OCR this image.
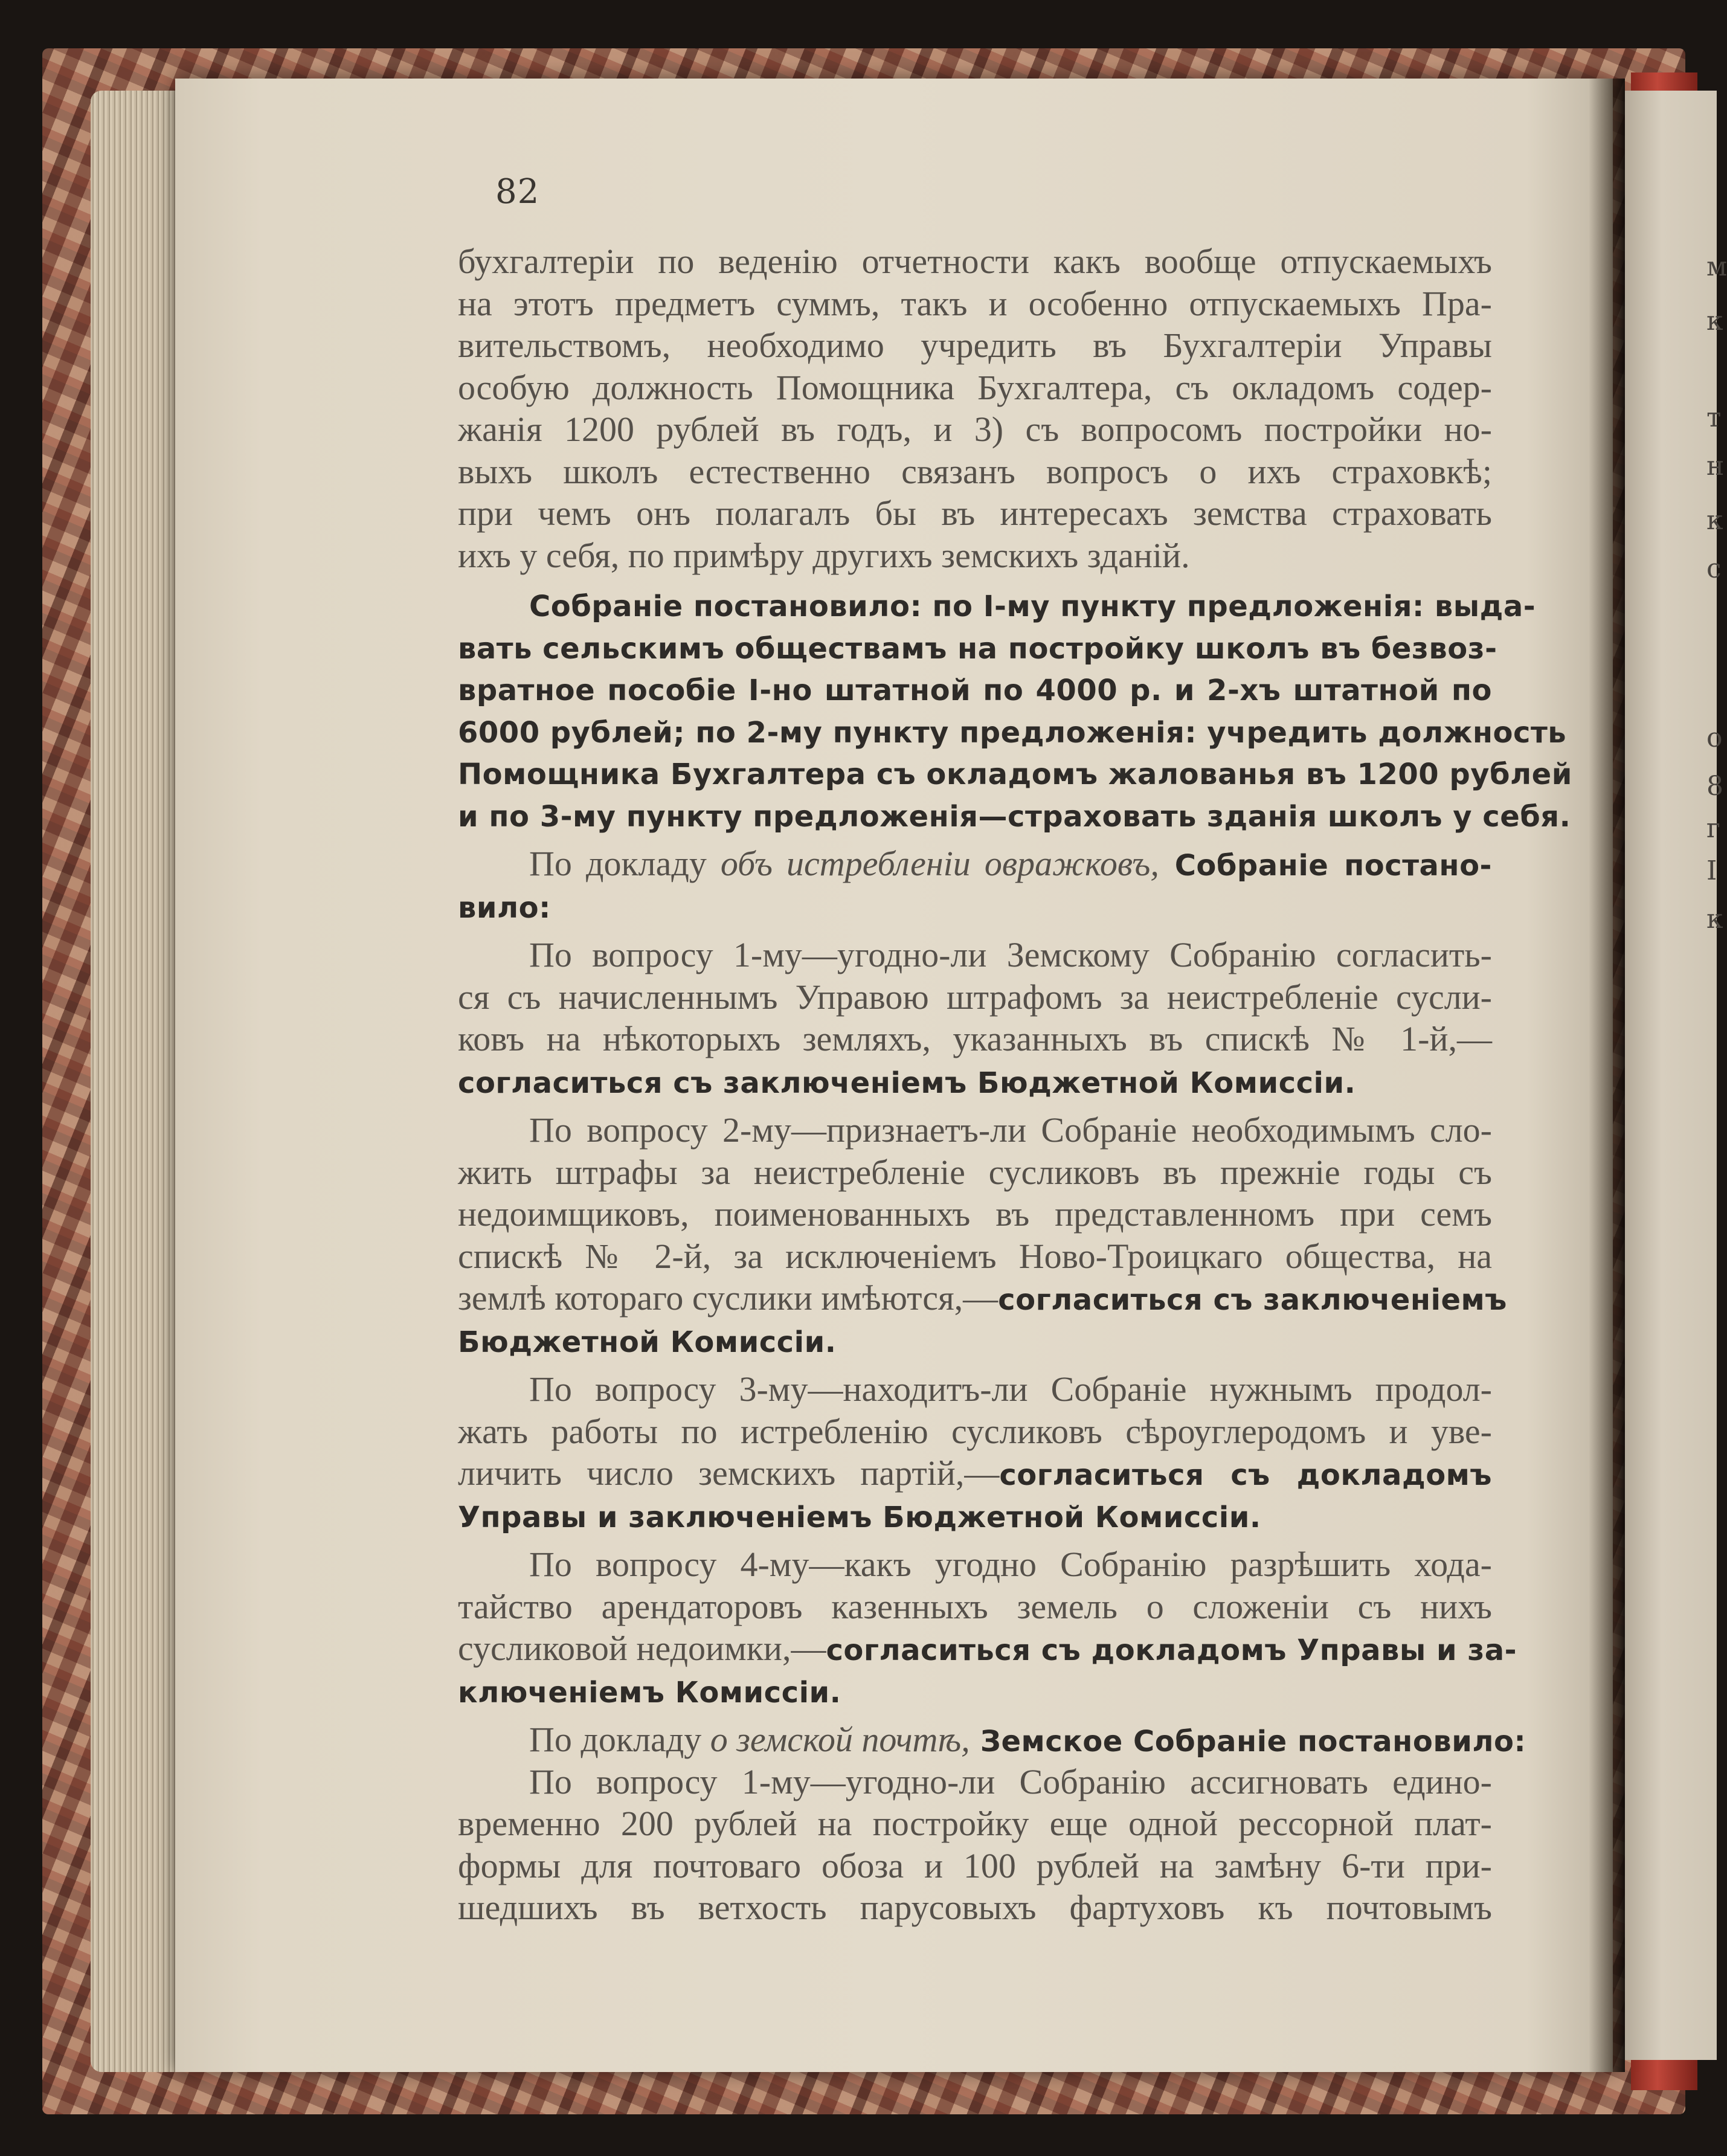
м
к
т
н
к
с
о
8
г
І
к
82
бухгалтеріи по веденію отчетности какъ вообще отпускаемыхъ
на этотъ предметъ суммъ, такъ и особенно отпускаемыхъ Пра-
вительствомъ, необходимо учредить въ Бухгалтеріи Управы
особую должность Помощника Бухгалтера, съ окладомъ содер-
жанія 1200 рублей въ годъ, и 3) съ вопросомъ постройки но-
выхъ школъ естественно связанъ вопросъ о ихъ страховкѣ;
при чемъ онъ полагалъ бы въ интересахъ земства страховать
ихъ у себя, по примѣру другихъ земскихъ зданій.
Собраніе постановило: по І-му пункту предложенія: выда-
вать сельскимъ обществамъ на постройку школъ въ безвоз-
вратное пособіе І-но штатной по 4000 р. и 2-хъ штатной по
6000 рублей; по 2-му пункту предложенія: учредить должность
Помощника Бухгалтера съ окладомъ жалованья въ 1200 рублей
и по 3-му пункту предложенія—страховать зданія школъ у себя.
По докладу объ истребленіи овражковъ, Собраніе постано-
вило:
По вопросу 1-му—угодно-ли Земскому Собранію соглаcить-
ся съ начисленнымъ Управою штрафомъ за неистребленіе сусли-
ковъ на нѣкоторыхъ земляхъ, указанныхъ въ спискѣ № 1-й,—
согласиться съ заключеніемъ Бюджетной Комиссіи.
По вопросу 2-му—признаетъ-ли Собраніе необходимымъ сло-
жить штрафы за неистребленіе сусликовъ въ прежніе годы съ
недоимщиковъ, поименованныхъ въ представленномъ при семъ
спискѣ № 2-й, за исключеніемъ Ново-Троицкаго общества, на
землѣ котораго суслики имѣются,—согласиться съ заключеніемъ
Бюджетной Комиссіи.
По вопросу 3-му—находитъ-ли Собраніе нужнымъ продол-
жать работы по истребленію сусликовъ сѣроуглеродомъ и уве-
личить число земскихъ партій,—согласиться съ докладомъ
Управы и заключеніемъ Бюджетной Комиссіи.
По вопросу 4-му—какъ угодно Собранію разрѣшить хода-
тайство арендаторовъ казенныхъ земель о сложеніи съ нихъ
сусликовой недоимки,—согласиться съ докладомъ Управы и за-
ключеніемъ Комиссіи.
По докладу о земской почтѣ, Земское Собраніе постановило:
По вопросу 1-му—угодно-ли Собранію ассигновать едино-
временно 200 рублей на постройку еще одной рессорной плат-
формы для почтоваго обоза и 100 рублей на замѣну 6-ти при-
шедшихъ въ ветхость парусовыхъ фартуховъ къ почтовымъ
